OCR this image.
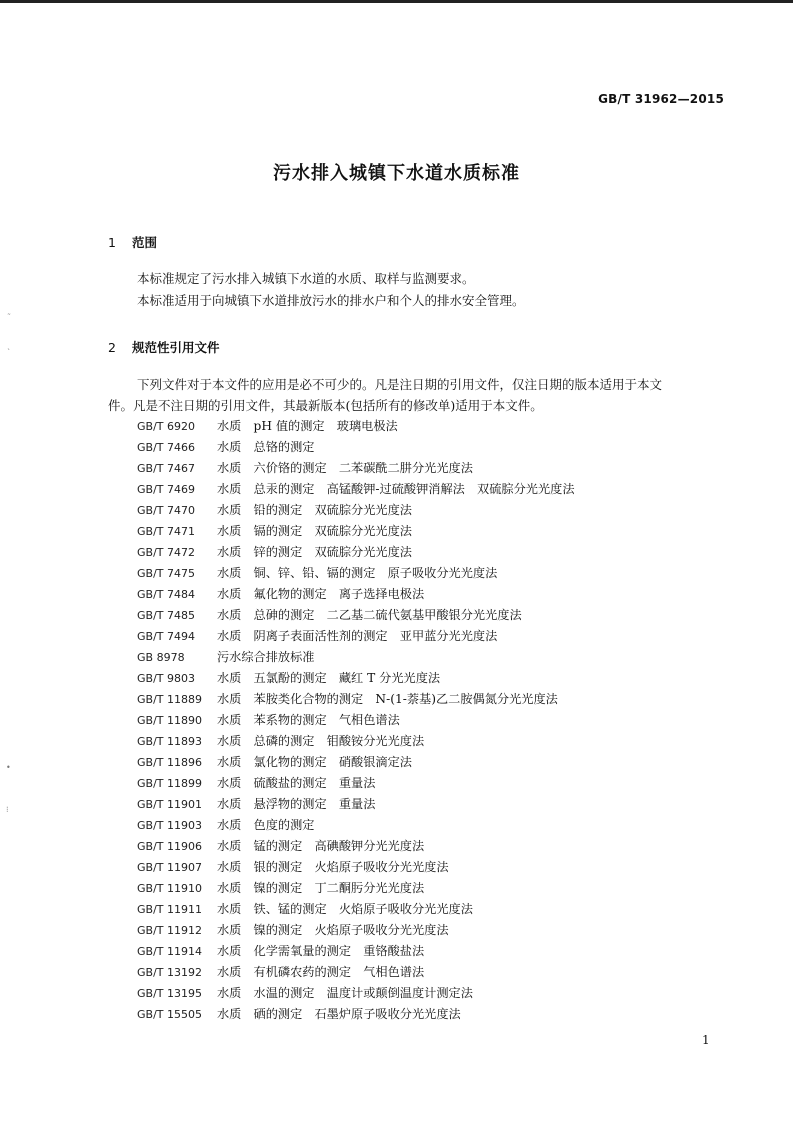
GB/T 31962—2015
污水排入城镇下水道水质标准
1 范围
本标准规定了污水排入城镇下水道的水质、取样与监测要求。
本标准适用于向城镇下水道排放污水的排水户和个人的排水安全管理。
2 规范性引用文件
下列文件对于本文件的应用是必不可少的。凡是注日期的引用文件，仅注日期的版本适用于本文
件。凡是不注日期的引用文件，其最新版本(包括所有的修改单)适用于本文件。
GB/T 6920 水质　pH 值的测定　玻璃电极法
GB/T 7466 水质　总铬的测定
GB/T 7467 水质　六价铬的测定　二苯碳酰二肼分光光度法
GB/T 7469 水质　总汞的测定　高锰酸钾-过硫酸钾消解法　双硫腙分光光度法
GB/T 7470 水质　铅的测定　双硫腙分光光度法
GB/T 7471 水质　镉的测定　双硫腙分光光度法
GB/T 7472 水质　锌的测定　双硫腙分光光度法
GB/T 7475 水质　铜、锌、铅、镉的测定　原子吸收分光光度法
GB/T 7484 水质　氟化物的测定　离子选择电极法
GB/T 7485 水质　总砷的测定　二乙基二硫代氨基甲酸银分光光度法
GB/T 7494 水质　阴离子表面活性剂的测定　亚甲蓝分光光度法
GB 8978	污水综合排放标准
GB/T 9803 水质　五氯酚的测定　藏红 T 分光光度法
GB/T 11889 水质　苯胺类化合物的测定　N-(1-萘基)乙二胺偶氮分光光度法
GB/T 11890 水质　苯系物的测定　气相色谱法
GB/T 11893 水质　总磷的测定　钼酸铵分光光度法
GB/T 11896 水质　氯化物的测定　硝酸银滴定法
GB/T 11899 水质　硫酸盐的测定　重量法
GB/T 11901 水质　悬浮物的测定　重量法
GB/T 11903 水质　色度的测定
GB/T 11906 水质　锰的测定　高碘酸钾分光光度法
GB/T 11907 水质　银的测定　火焰原子吸收分光光度法
GB/T 11910 水质　镍的测定　丁二酮肟分光光度法
GB/T 11911 水质　铁、锰的测定　火焰原子吸收分光光度法
GB/T 11912 水质　镍的测定　火焰原子吸收分光光度法
GB/T 11914 水质　化学需氧量的测定　重铬酸盐法
GB/T 13192 水质　有机磷农药的测定　气相色谱法
GB/T 13195 水质　水温的测定　温度计或颠倒温度计测定法
GB/T 15505 水质　硒的测定　石墨炉原子吸收分光光度法
1
˷
ˋ
•
⁝
